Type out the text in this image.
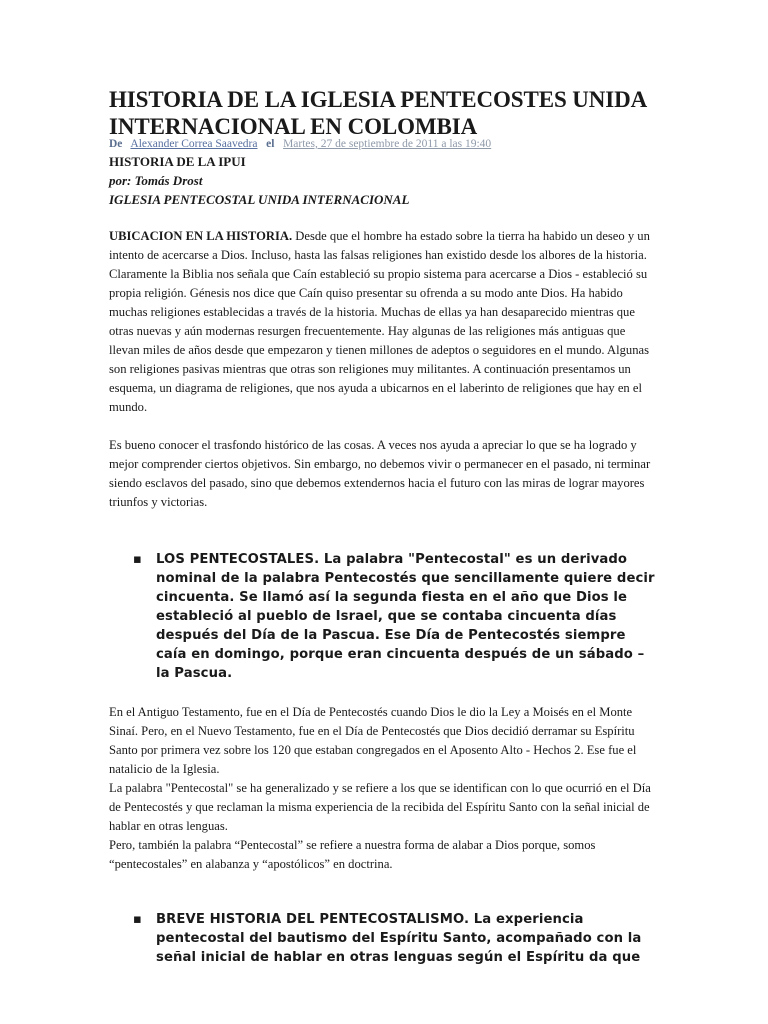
HISTORIA DE LA IGLESIA PENTECOSTES UNIDA INTERNACIONAL EN COLOMBIA
De Alexander Correa Saavedra el Martes, 27 de septiembre de 2011 a las 19:40
HISTORIA DE LA IPUI
por: Tomás Drost
IGLESIA PENTECOSTAL UNIDA INTERNACIONAL

UBICACION EN LA HISTORIA. Desde que el hombre ha estado sobre la tierra ha habido un deseo y un intento de acercarse a Dios. Incluso, hasta las falsas religiones han existido desde los albores de la historia. Claramente la Biblia nos señala que Caín estableció su propio sistema para acercarse a Dios - estableció su propia religión. Génesis nos dice que Caín quiso presentar su ofrenda a su modo ante Dios. Ha habido muchas religiones establecidas a través de la historia. Muchas de ellas ya han desaparecido mientras que otras nuevas y aún modernas resurgen frecuentemente. Hay algunas de las religiones más antiguas que llevan miles de años desde que empezaron y tienen millones de adeptos o seguidores en el mundo. Algunas son religiones pasivas mientras que otras son religiones muy militantes. A continuación presentamos un esquema, un diagrama de religiones, que nos ayuda a ubicarnos en el laberinto de religiones que hay en el mundo.

Es bueno conocer el trasfondo histórico de las cosas. A veces nos ayuda a apreciar lo que se ha logrado y mejor comprender ciertos objetivos. Sin embargo, no debemos vivir o permanecer en el pasado, ni terminar siendo esclavos del pasado, sino que debemos extendernos hacia el futuro con las miras de lograr mayores triunfos y victorias.

▪ LOS PENTECOSTALES. La palabra "Pentecostal" es un derivado nominal de la palabra Pentecostés que sencillamente quiere decir cincuenta. Se llamó así la segunda fiesta en el año que Dios le estableció al pueblo de Israel, que se contaba cincuenta días después del Día de la Pascua. Ese Día de Pentecostés siempre caía en domingo, porque eran cincuenta después de un sábado – la Pascua.

En el Antiguo Testamento, fue en el Día de Pentecostés cuando Dios le dio la Ley a Moisés en el Monte Sinaí. Pero, en el Nuevo Testamento, fue en el Día de Pentecostés que Dios decidió derramar su Espíritu Santo por primera vez sobre los 120 que estaban congregados en el Aposento Alto - Hechos 2. Ese fue el natalicio de la Iglesia.

La palabra "Pentecostal" se ha generalizado y se refiere a los que se identifican con lo que ocurrió en el Día de Pentecostés y que reclaman la misma experiencia de la recibida del Espíritu Santo con la señal inicial de hablar en otras lenguas.

Pero, también la palabra “Pentecostal” se refiere a nuestra forma de alabar a Dios porque, somos “pentecostales” en alabanza y “apostólicos” en doctrina.

▪ BREVE HISTORIA DEL PENTECOSTALISMO. La experiencia pentecostal del bautismo del Espíritu Santo, acompañado con la señal inicial de hablar en otras lenguas según el Espíritu da que
